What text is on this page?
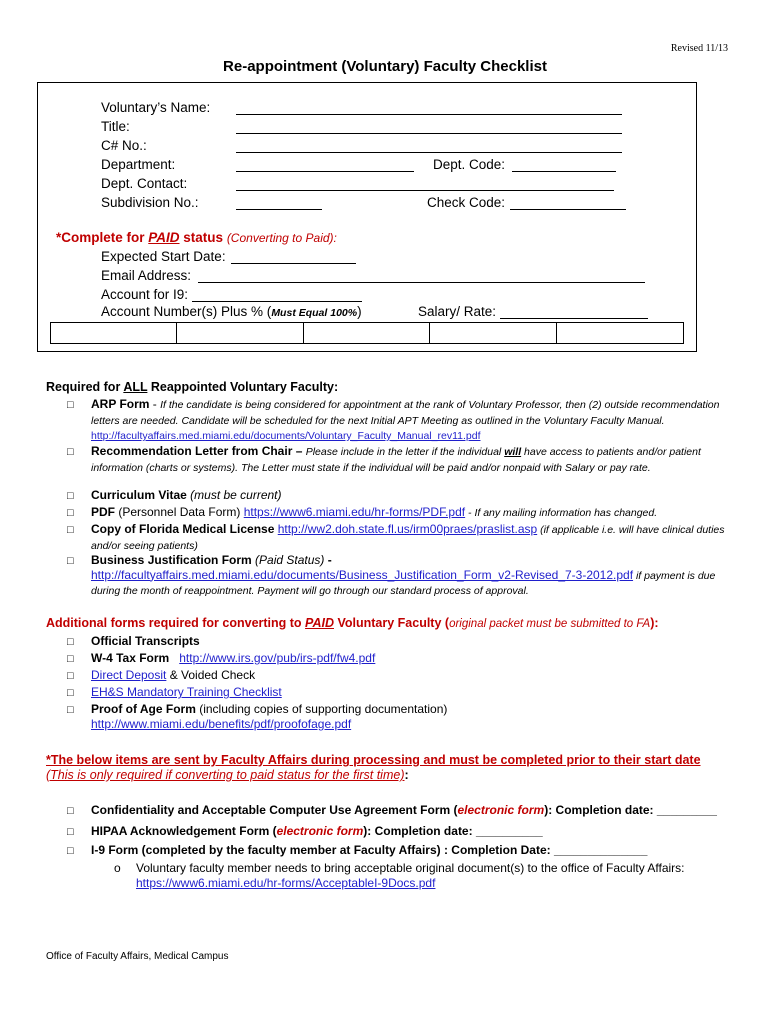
Revised 11/13
Re-appointment (Voluntary) Faculty Checklist
Voluntary’s Name:
Title:
C# No.:
Department:	Dept. Code:
Dept. Contact:
Subdivision No.:	Check Code:
*Complete for PAID status (Converting to Paid):
Expected Start Date:
Email Address:
Account for I9:
Account Number(s) Plus % (Must Equal 100%)	Salary/ Rate:
Required for ALL Reappointed Voluntary Faculty:
□ ARP Form - If the candidate is being considered for appointment at the rank of Voluntary Professor, then (2) outside recommendation letters are needed. Candidate will be scheduled for the next Initial APT Meeting as outlined in the Voluntary Faculty Manual. http://facultyaffairs.med.miami.edu/documents/Voluntary_Faculty_Manual_rev11.pdf
□ Recommendation Letter from Chair – Please include in the letter if the individual will have access to patients and/or patient information (charts or systems). The Letter must state if the individual will be paid and/or nonpaid with Salary or pay rate.
□ Curriculum Vitae (must be current)
□ PDF (Personnel Data Form) https://www6.miami.edu/hr-forms/PDF.pdf - If any mailing information has changed.
□ Copy of Florida Medical License http://ww2.doh.state.fl.us/irm00praes/praslist.asp (if applicable i.e. will have clinical duties and/or seeing patients)
□ Business Justification Form (Paid Status) - http://facultyaffairs.med.miami.edu/documents/Business_Justification_Form_v2-Revised_7-3-2012.pdf if payment is due during the month of reappointment. Payment will go through our standard process of approval.
Additional forms required for converting to PAID Voluntary Faculty (original packet must be submitted to FA):
□ Official Transcripts
□ W-4 Tax Form http://www.irs.gov/pub/irs-pdf/fw4.pdf
□ Direct Deposit & Voided Check
□ EH&S Mandatory Training Checklist
□ Proof of Age Form (including copies of supporting documentation)
http://www.miami.edu/benefits/pdf/proofofage.pdf
*The below items are sent by Faculty Affairs during processing and must be completed prior to their start date
(This is only required if converting to paid status for the first time):
□ Confidentiality and Acceptable Computer Use Agreement Form (electronic form): Completion date: _________
□ HIPAA Acknowledgement Form (electronic form): Completion date: __________
□ I-9 Form (completed by the faculty member at Faculty Affairs) : Completion Date: ______________
o Voluntary faculty member needs to bring acceptable original document(s) to the office of Faculty Affairs:
https://www6.miami.edu/hr-forms/AcceptableI-9Docs.pdf
Office of Faculty Affairs, Medical Campus
